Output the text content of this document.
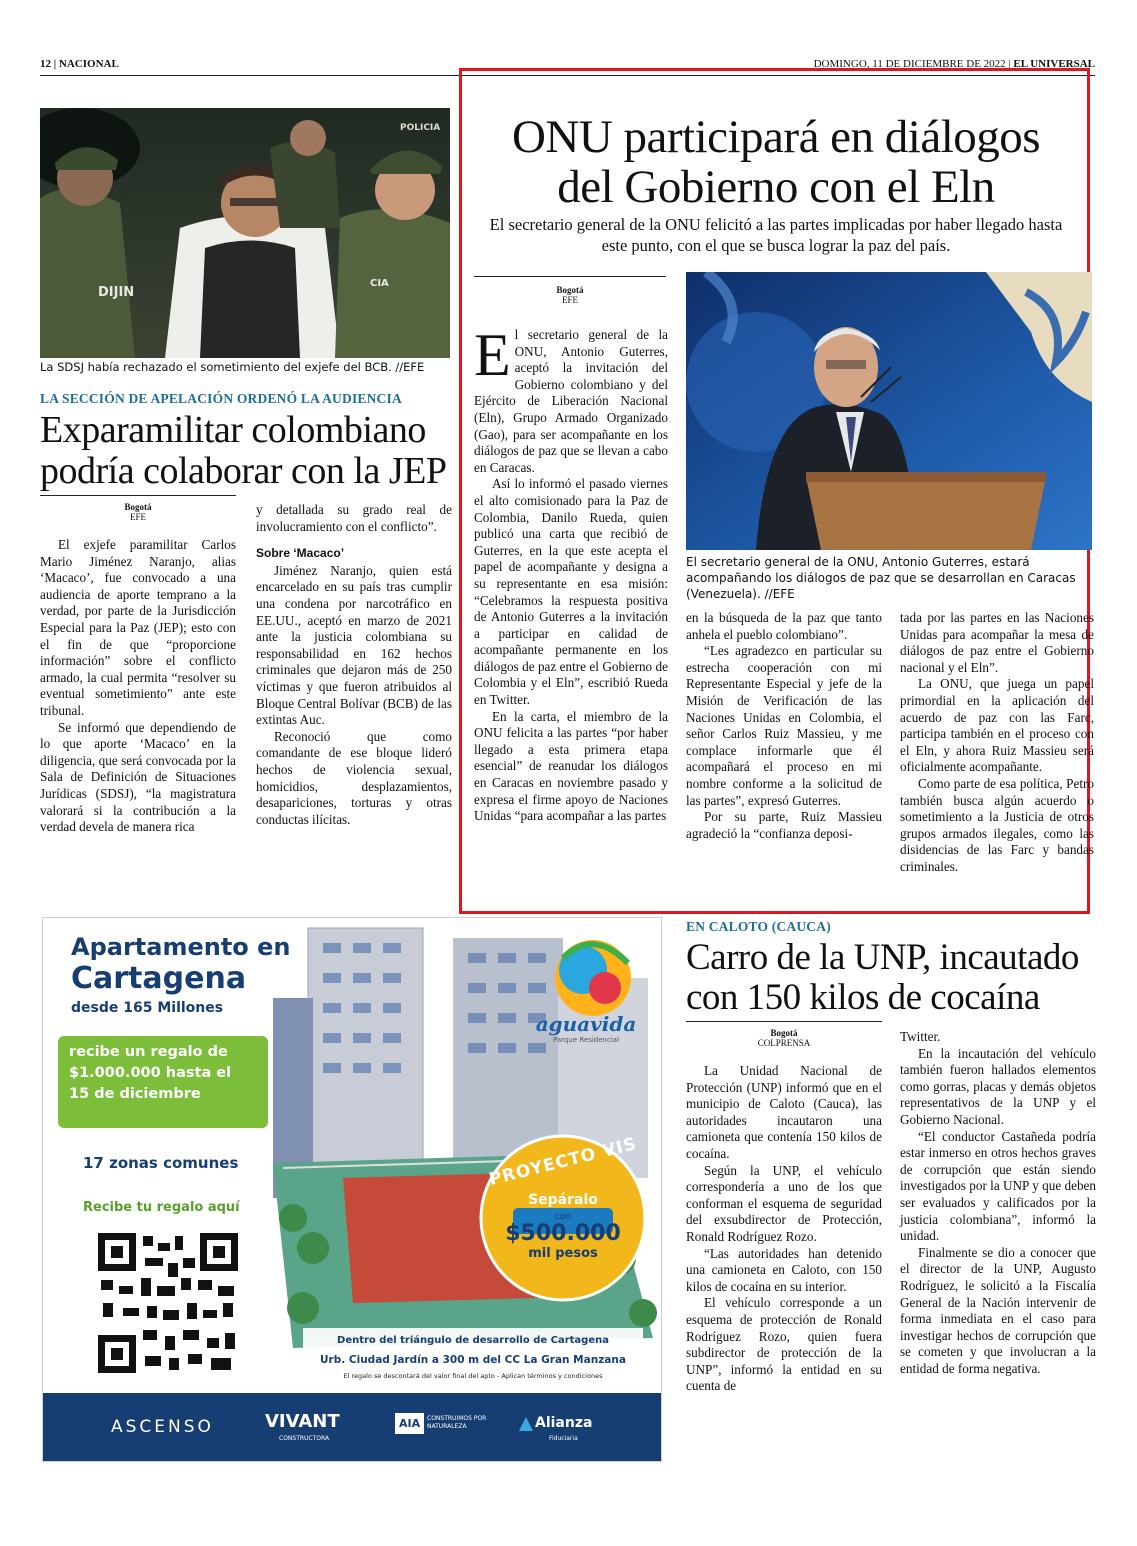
12 | NACIONAL	DOMINGO, 11 DE DICIEMBRE DE 2022 | EL UNIVERSAL
DIJIN
CIA
POLICIA
La SDSJ había rechazado el sometimiento del exjefe del BCB. //EFE
LA SECCIÓN DE APELACIÓN ORDENÓ LA AUDIENCIA
Exparamilitar colombiano podría colaborar con la JEP
Bogotá
EFE

El exjefe paramilitar Carlos Mario Jiménez Naranjo, alias ‘Macaco’, fue convocado a una audiencia de aporte temprano a la verdad, por parte de la Jurisdicción Especial para la Paz (JEP); esto con el fin de que “proporcione información” sobre el conflicto armado, la cual permita “resolver su eventual sometimiento” ante este tribunal.

Se informó que dependiendo de lo que aporte ‘Macaco’ en la diligencia, que será convocada por la Sala de Definición de Situaciones Jurídicas (SDSJ), “la magistratura valorará si la contribución a la verdad devela de manera rica

y detallada su grado real de involucramiento con el conflicto”.

Sobre ‘Macaco’

Jiménez Naranjo, quien está encarcelado en su país tras cumplir una condena por narcotráfico en EE.UU., aceptó en marzo de 2021 ante la justicia colombiana su responsabilidad en 162 hechos criminales que dejaron más de 250 víctimas y que fueron atribuidos al Bloque Central Bolívar (BCB) de las extintas Auc.

Reconoció que como comandante de ese bloque lideró hechos de violencia sexual, homicidios, desplazamientos, desapariciones, torturas y otras conductas ilícitas.

ONU participará en diálogos
del Gobierno con el Eln
El secretario general de la ONU felicitó a las partes implicadas por haber llegado hasta este punto, con el que se busca lograr la paz del país.
Bogotá
EFE

El secretario general de la ONU, Antonio Guterres, aceptó la invitación del Gobierno colombiano y del Ejército de Liberación Nacional (Eln), Grupo Armado Organizado (Gao), para ser acompañante en los diálogos de paz que se llevan a cabo en Caracas.

Así lo informó el pasado viernes el alto comisionado para la Paz de Colombia, Danilo Rueda, quien publicó una carta que recibió de Guterres, en la que este acepta el papel de acompañante y designa a su representante en esa misión: “Celebramos la respuesta positiva de Antonio Guterres a la invitación a participar en calidad de acompañante permanente en los diálogos de paz entre el Gobierno de Colombia y el Eln”, escribió Rueda en Twitter.

En la carta, el miembro de la ONU felicita a las partes “por haber llegado a esta primera etapa esencial” de reanudar los diálogos en Caracas en noviembre pasado y expresa el firme apoyo de Naciones Unidas “para acompañar a las partes

El secretario general de la ONU, Antonio Guterres, estará acompañando los diálogos de paz que se desarrollan en Caracas (Venezuela). //EFE

en la búsqueda de la paz que tanto anhela el pueblo colombiano”.

“Les agradezco en particular su estrecha cooperación con mi Representante Especial y jefe de la Misión de Verificación de las Naciones Unidas en Colombia, el señor Carlos Ruiz Massieu, y me complace informarle que él acompañará el proceso en mi nombre conforme a la solicitud de las partes”, expresó Guterres.

Por su parte, Ruiz Massieu agradeció la “confianza deposi-

tada por las partes en las Naciones Unidas para acompañar la mesa de diálogos de paz entre el Gobierno nacional y el Eln”.

La ONU, que juega un papel primordial en la aplicación del acuerdo de paz con las Farc, participa también en el proceso con el Eln, y ahora Ruiz Massieu será oficialmente acompañante.

Como parte de esa política, Petro también busca algún acuerdo o sometimiento a la Justicia de otros grupos armados ilegales, como las disidencias de las Farc y bandas criminales.

Apartamento en
Cartagena
desde 165 Millones
recibe un regalo de
$1.000.000 hasta el
15 de diciembre
17 zonas comunes
Recibe tu regalo aquí
aguavida
Parque Residencial
PROYECTO VIS
Sepáralo
con
$500.000
mil pesos
Dentro del triángulo de desarrollo de Cartagena
Urb. Ciudad Jardín a 300 m del CC La Gran Manzana
El regalo se descontará del valor final del apto - Aplican términos y condiciones
ASCENSO	VIVANT
CONSTRUCTORA
AIA	CONSTRUIMOS POR NATURALEZA	Alianza
Fiduciaria
EN CALOTO (CAUCA)
Carro de la UNP, incautado con 150 kilos de cocaína
Bogotá
COLPRENSA

La Unidad Nacional de Protección (UNP) informó que en el municipio de Caloto (Cauca), las autoridades incautaron una camioneta que contenía 150 kilos de cocaína.

Según la UNP, el vehículo correspondería a uno de los que conforman el esquema de seguridad del exsubdirector de Protección, Ronald Rodríguez Rozo.

“Las autoridades han detenido una camioneta en Caloto, con 150 kilos de cocaína en su interior.

El vehículo corresponde a un esquema de protección de Ronald Rodríguez Rozo, quien fuera subdirector de protección de la UNP”, informó la entidad en su cuenta de

Twitter.

En la incautación del vehículo también fueron hallados elementos como gorras, placas y demás objetos representativos de la UNP y el Gobierno Nacional.

“El conductor Castañeda podría estar inmerso en otros hechos graves de corrupción que están siendo investigados por la UNP y que deben ser evaluados y calificados por la justicia colombiana”, informó la unidad.

Finalmente se dio a conocer que el director de la UNP, Augusto Rodríguez, le solicitó a la Fiscalía General de la Nación intervenir de forma inmediata en el caso para investigar hechos de corrupción que se cometen y que involucran a la entidad de forma negativa.
